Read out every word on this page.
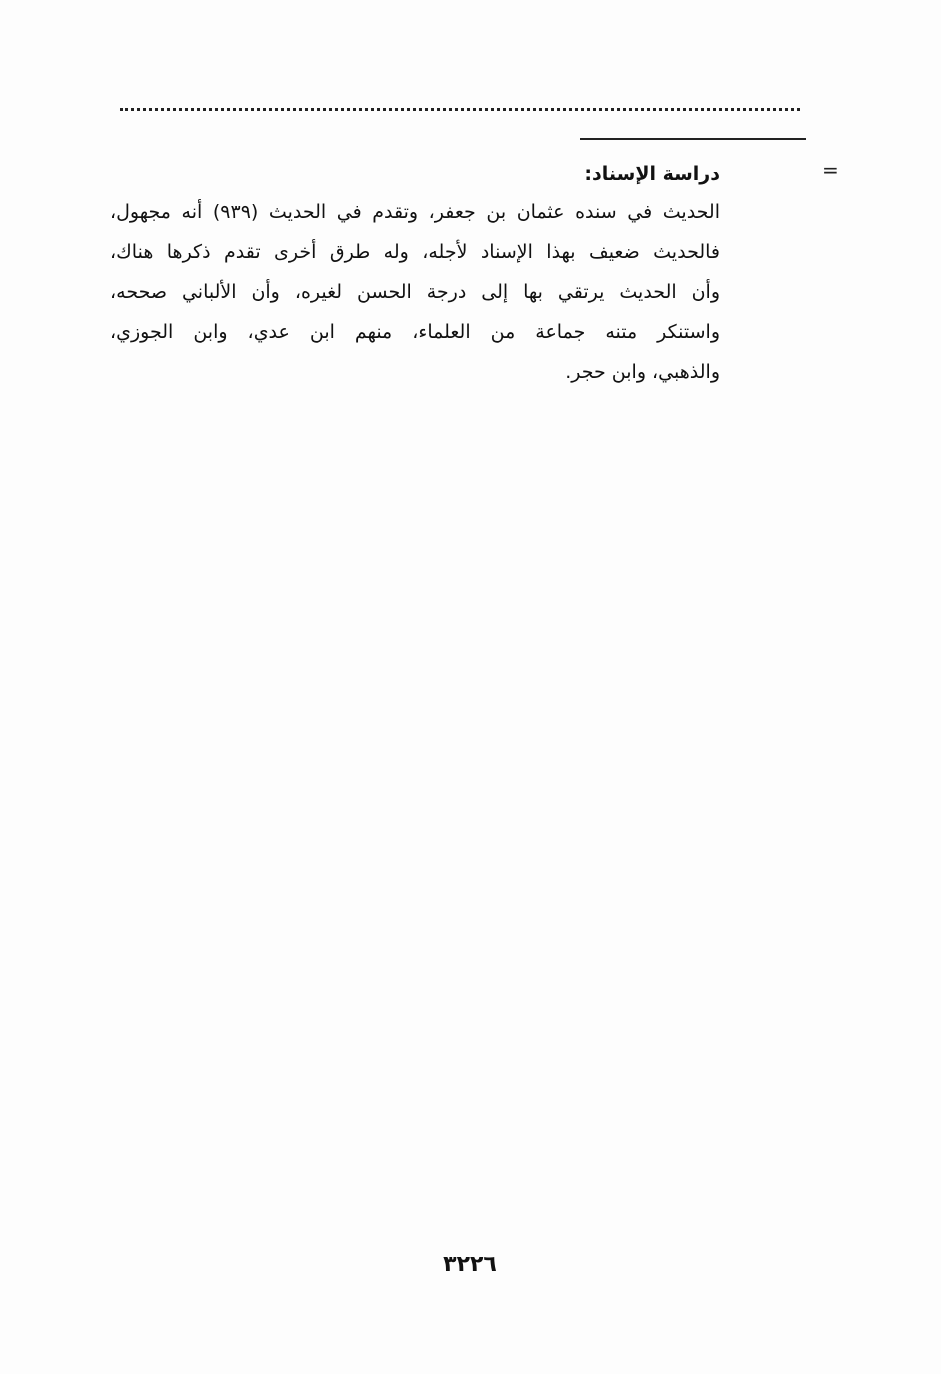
=

دراسة الإسناد:

الحديث في سنده عثمان بن جعفر، وتقدم في الحديث (٩٣٩) أنه مجهول،

فالحديث ضعيف بهذا الإسناد لأجله، وله طرق أخرى تقدم ذكرها هناك،

وأن الحديث يرتقي بها إلى درجة الحسن لغيره، وأن الألباني صححه،

واستنكر متنه جماعة من العلماء، منهم ابن عدي، وابن الجوزي،

والذهبي، وابن حجر.

٣٢٢٦
